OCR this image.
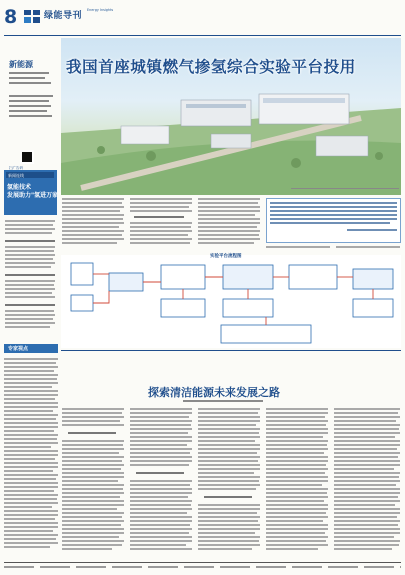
8	绿能导刊
Energy Insights
新能源
扫广告码
我国首座城镇燃气掺氢综合实验平台投用
新闻连线
氢能技术
发展助力"氢进万家"
实验平台流程图
专家视点
探索清洁能源未来发展之路
